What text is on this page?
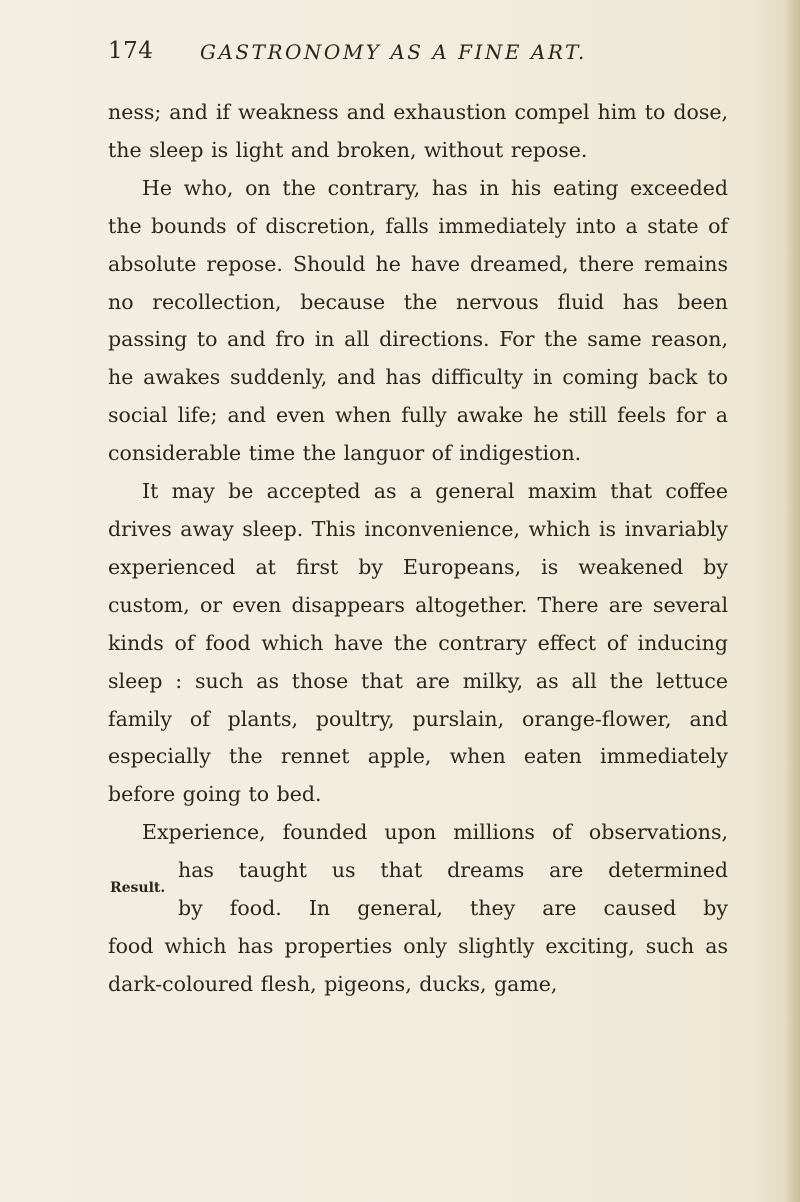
174 GASTRONOMY AS A FINE ART.

ness; and if weakness and exhaustion compel him to dose, the sleep is light and broken, without repose.

He who, on the contrary, has in his eating exceeded the bounds of discretion, falls immediately into a state of absolute repose. Should he have dreamed, there remains no recollection, because the nervous fluid has been passing to and fro in all directions. For the same reason, he awakes suddenly, and has difficulty in coming back to social life; and even when fully awake he still feels for a considerable time the languor of indigestion.

It may be accepted as a general maxim that coffee drives away sleep. This inconvenience, which is invariably experienced at first by Europeans, is weakened by custom, or even disappears altogether. There are several kinds of food which have the contrary effect of inducing sleep : such as those that are milky, as all the lettuce family of plants, poultry, purslain, orange-flower, and especially the rennet apple, when eaten immediately before going to bed.

Experience, founded upon millions of observations,

Result.

has taught us that dreams are determined

by food. In general, they are caused by

food which has properties only slightly exciting, such as dark-coloured flesh, pigeons, ducks, game,
